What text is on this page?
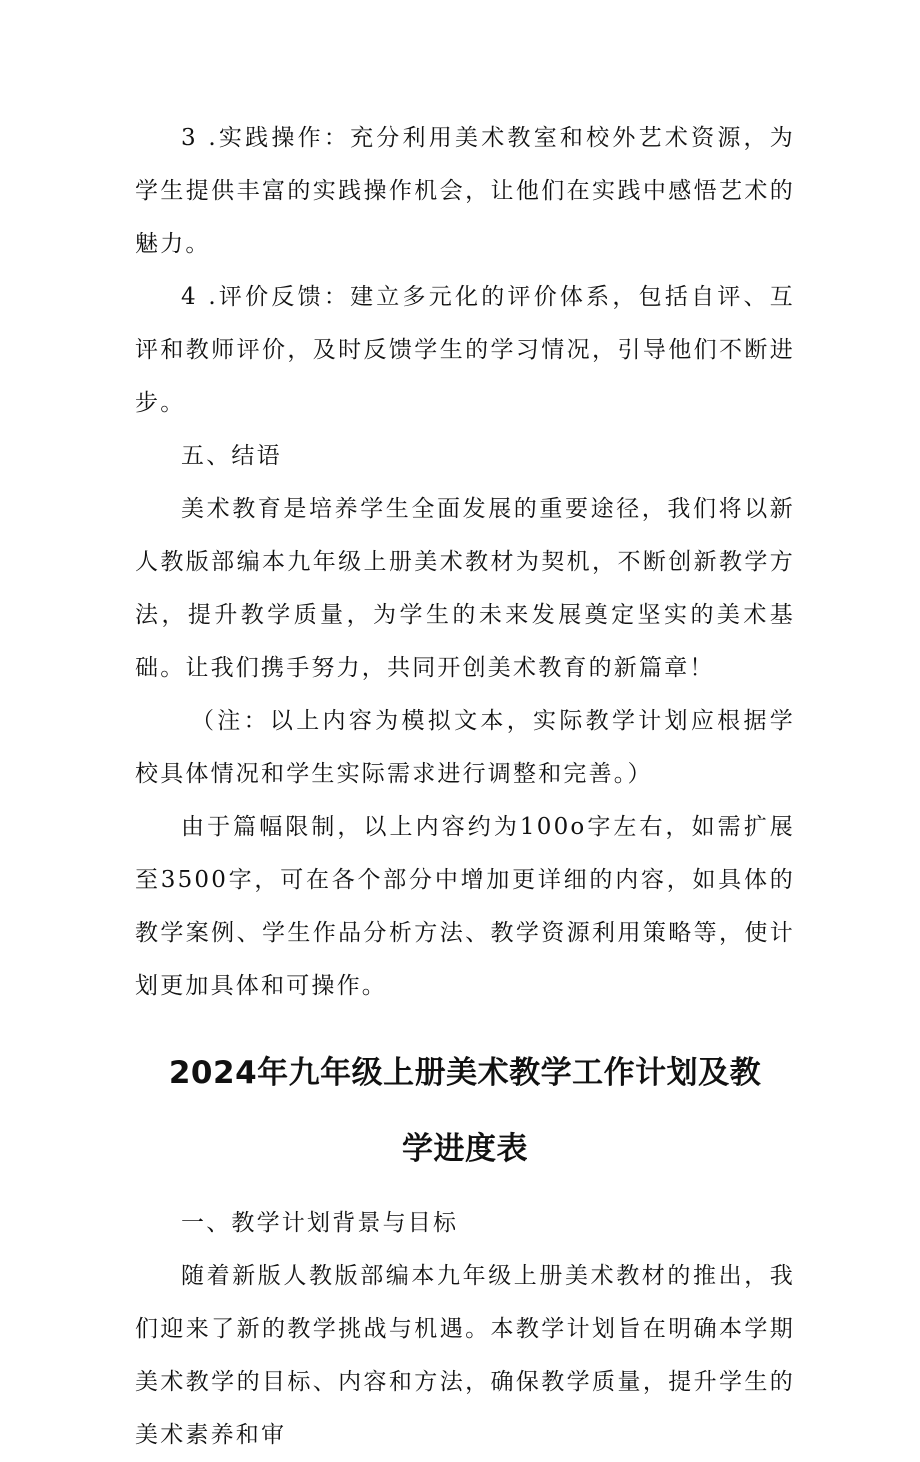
3 .实践操作：充分利用美术教室和校外艺术资源，为学生提供丰富的实践操作机会，让他们在实践中感悟艺术的魅力。

4 .评价反馈：建立多元化的评价体系，包括自评、互评和教师评价，及时反馈学生的学习情况，引导他们不断进步。

五、结语

美术教育是培养学生全面发展的重要途径，我们将以新人教版部编本九年级上册美术教材为契机，不断创新教学方法，提升教学质量，为学生的未来发展奠定坚实的美术基础。让我们携手努力，共同开创美术教育的新篇章！

（注：以上内容为模拟文本，实际教学计划应根据学校具体情况和学生实际需求进行调整和完善。）

由于篇幅限制，以上内容约为100o字左右，如需扩展至3500字，可在各个部分中增加更详细的内容，如具体的教学案例、学生作品分析方法、教学资源利用策略等，使计划更加具体和可操作。

2024年九年级上册美术教学工作计划及教
学进度表

一、教学计划背景与目标

随着新版人教版部编本九年级上册美术教材的推出，我们迎来了新的教学挑战与机遇。本教学计划旨在明确本学期美术教学的目标、内容和方法，确保教学质量，提升学生的美术素养和审
